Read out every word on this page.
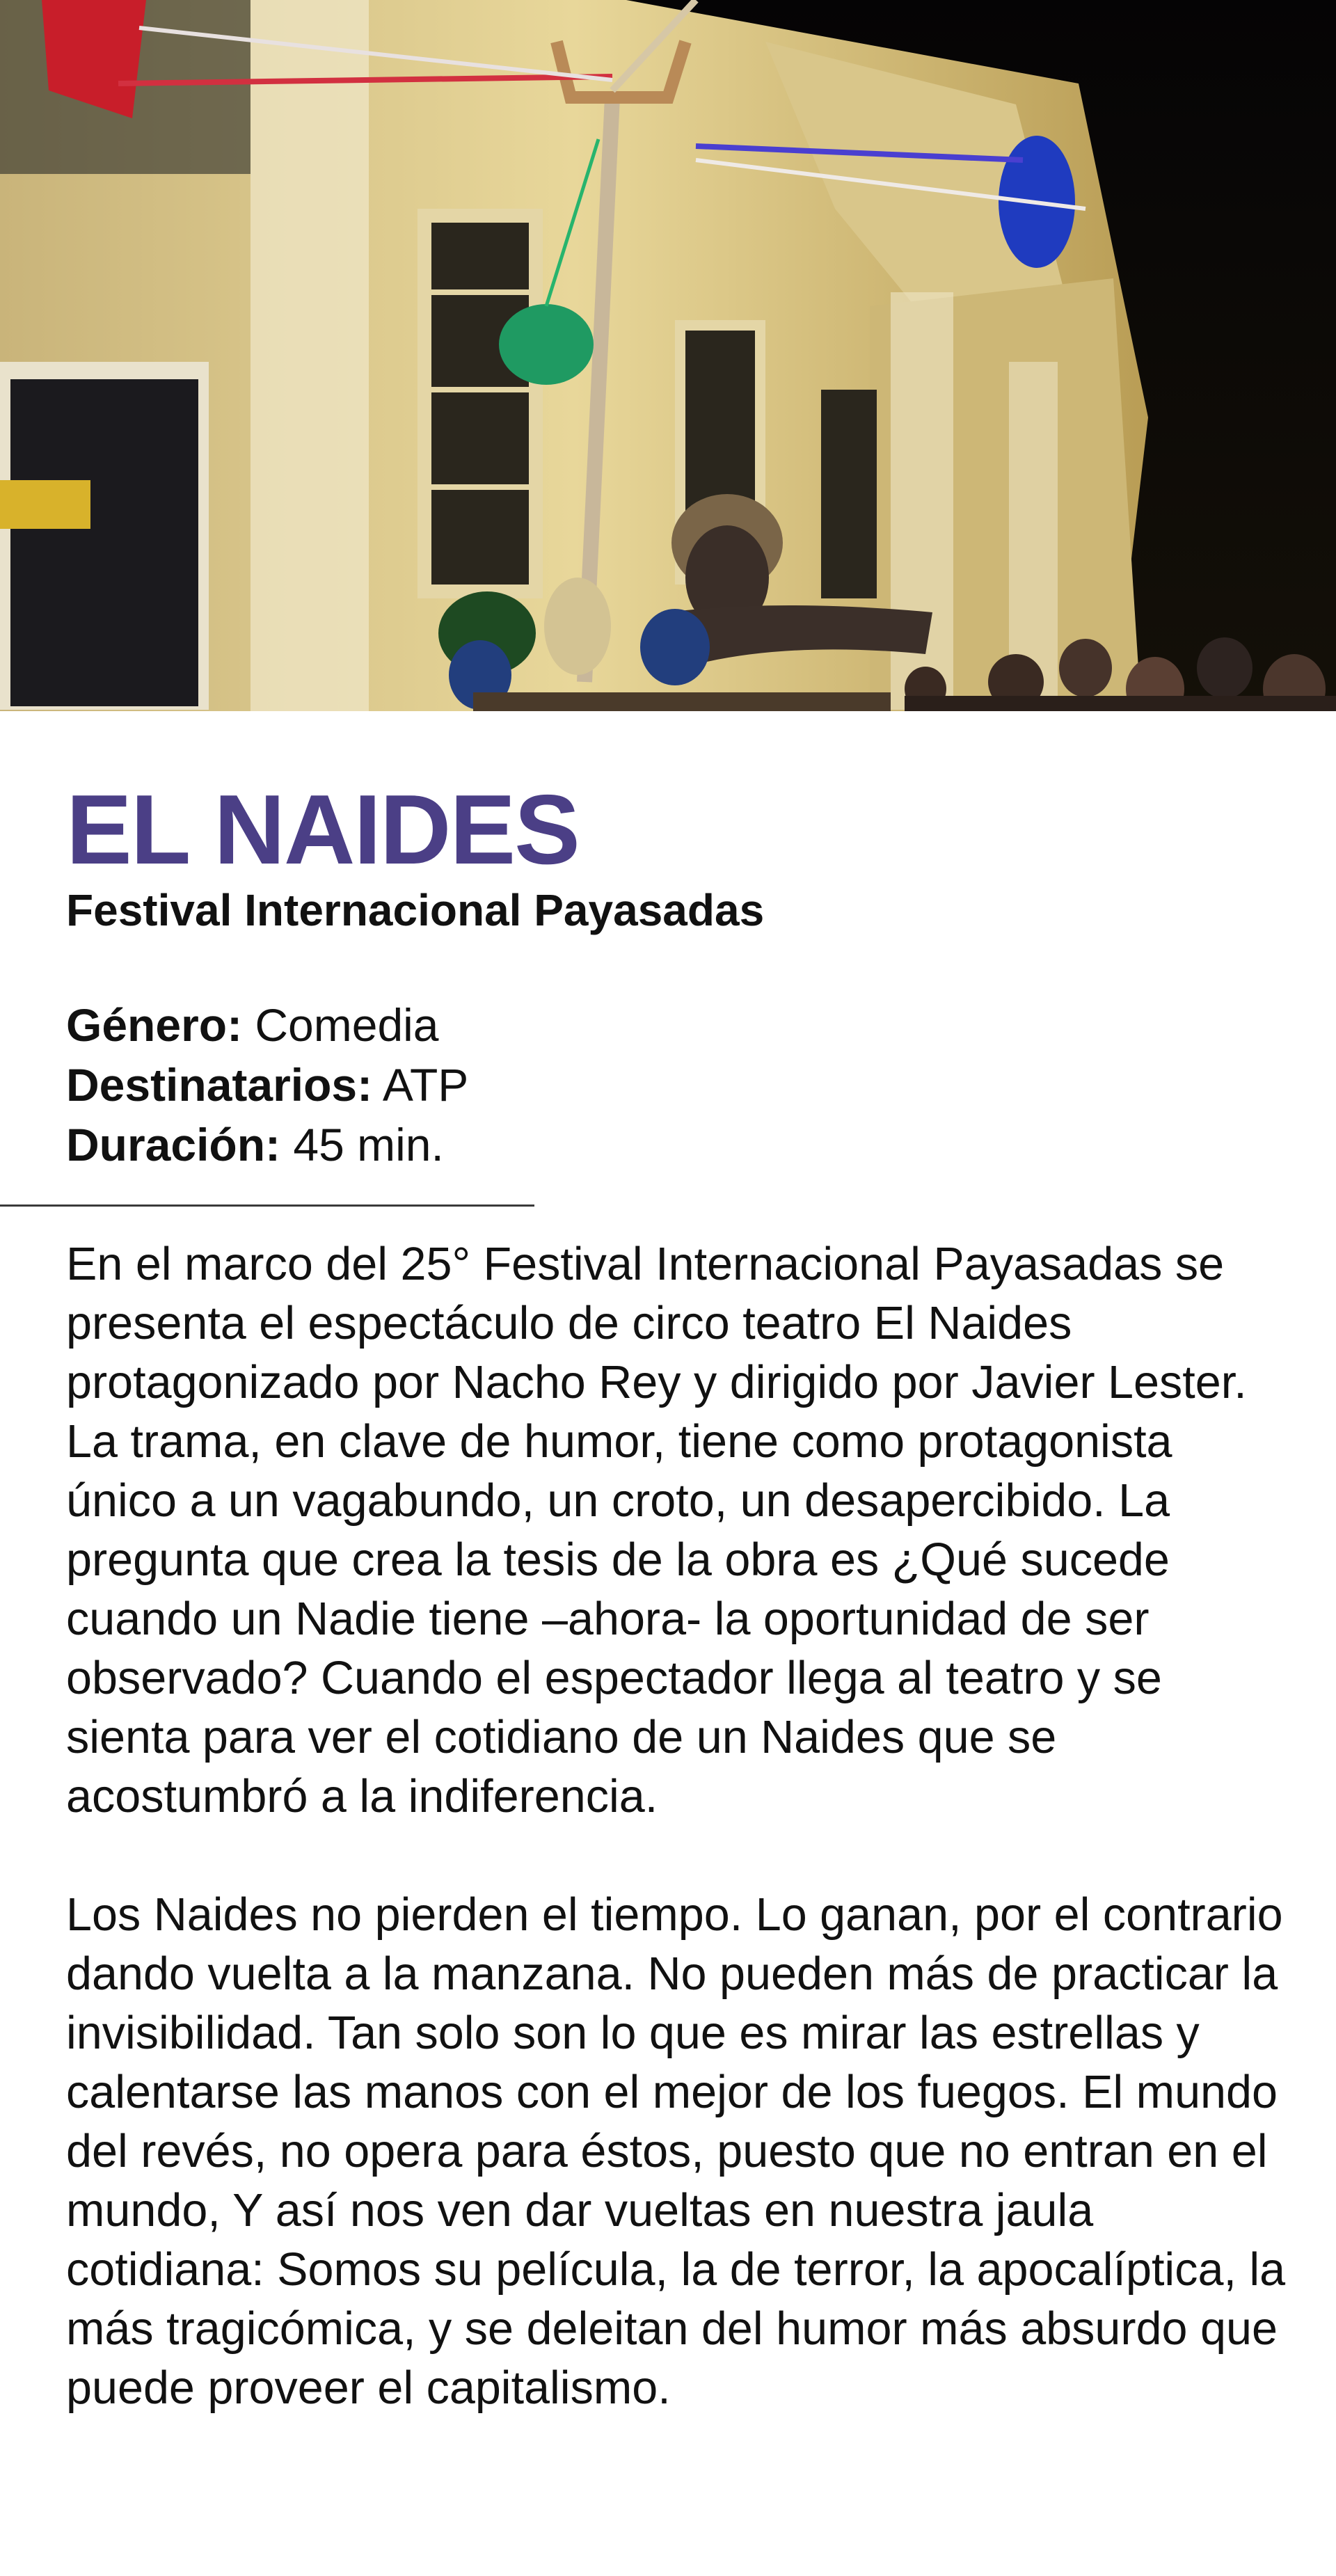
EL NAIDES

Festival Internacional Payasadas

Género: Comedia
Destinatarios: ATP
Duración: 45 min.

En el marco del 25° Festival Internacional Payasadas se presenta el espectáculo de circo teatro El Naides protagonizado por Nacho Rey y dirigido por Javier Lester. La trama, en clave de humor, tiene como protagonista único a un vagabundo, un croto, un desapercibido. La pregunta que crea la tesis de la obra es ¿Qué sucede cuando un Nadie tiene –ahora- la oportunidad de ser observado? Cuando el espectador llega al teatro y se sienta para ver el cotidiano de un Naides que se acostumbró a la indiferencia.

Los Naides no pierden el tiempo. Lo ganan, por el contrario dando vuelta a la manzana. No pueden más de practicar la invisibilidad. Tan solo son lo que es mirar las estrellas y calentarse las manos con el mejor de los fuegos. El mundo del revés, no opera para éstos, puesto que no entran en el mundo, Y así nos ven dar vueltas en nuestra jaula cotidiana: Somos su película, la de terror, la apocalíptica, la más tragicómica, y se deleitan del humor más absurdo que puede proveer el capitalismo.
